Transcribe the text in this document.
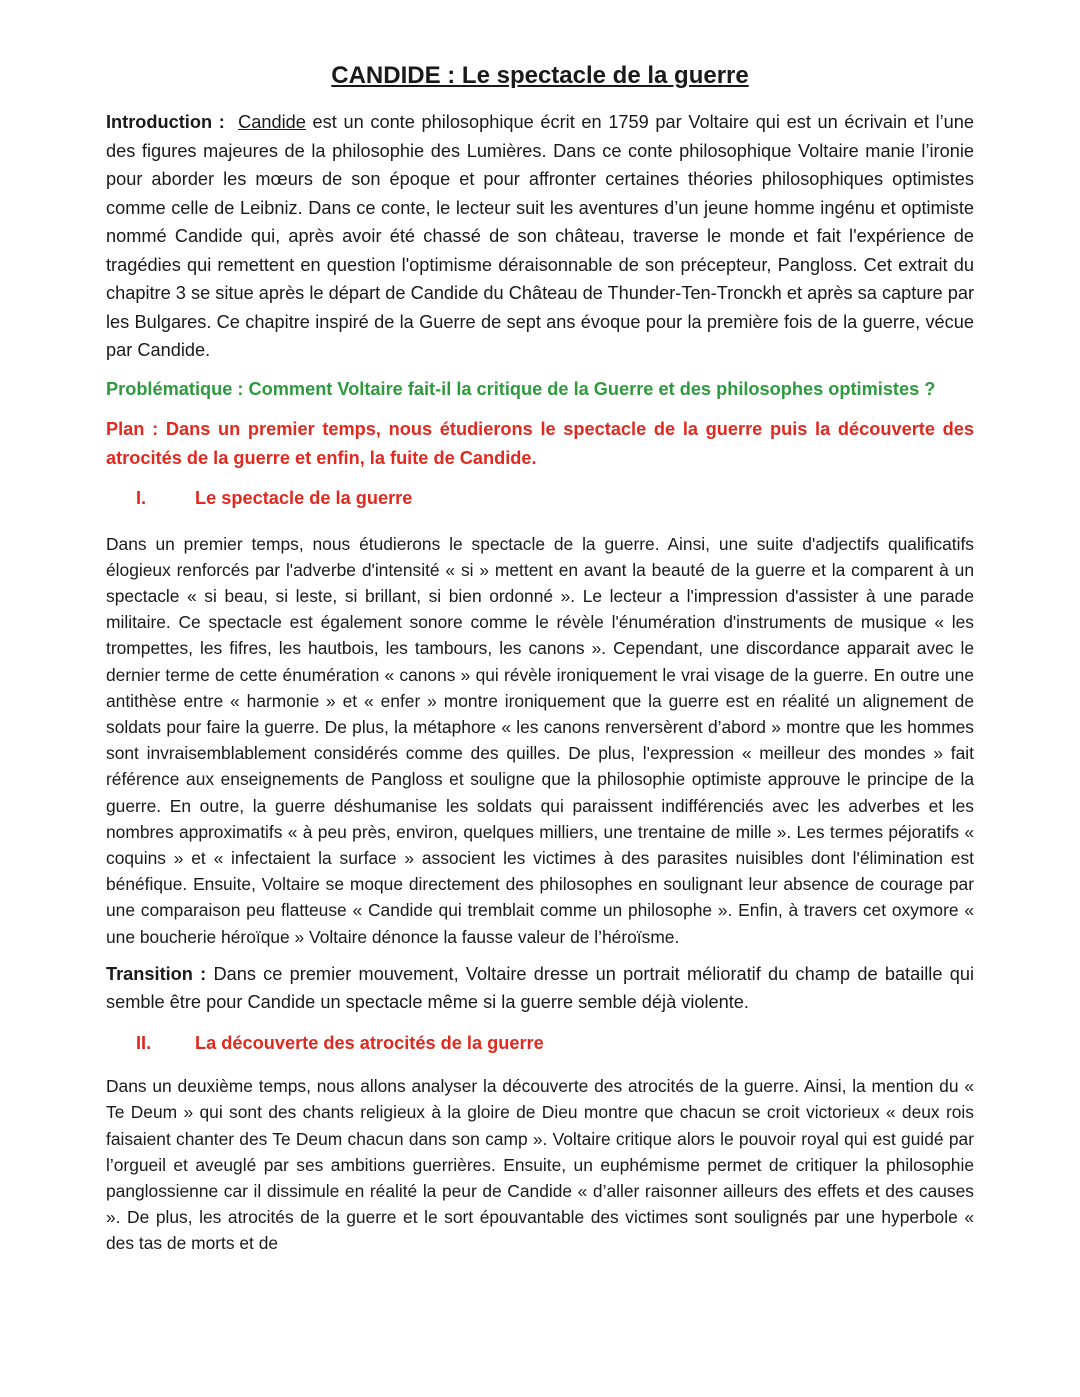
CANDIDE : Le spectacle de la guerre

Introduction : Candide est un conte philosophique écrit en 1759 par Voltaire qui est un écrivain et l’une des figures majeures de la philosophie des Lumières. Dans ce conte philosophique Voltaire manie l’ironie pour aborder les mœurs de son époque et pour affronter certaines théories philosophiques optimistes comme celle de Leibniz. Dans ce conte, le lecteur suit les aventures d’un jeune homme ingénu et optimiste nommé Candide qui, après avoir été chassé de son château, traverse le monde et fait l'expérience de tragédies qui remettent en question l'optimisme déraisonnable de son précepteur, Pangloss. Cet extrait du chapitre 3 se situe après le départ de Candide du Château de Thunder-Ten-Tronckh et après sa capture par les Bulgares. Ce chapitre inspiré de la Guerre de sept ans évoque pour la première fois de la guerre, vécue par Candide.

Problématique : Comment Voltaire fait-il la critique de la Guerre et des philosophes optimistes ?

Plan : Dans un premier temps, nous étudierons le spectacle de la guerre puis la découverte des atrocités de la guerre et enfin, la fuite de Candide.

I.	Le spectacle de la guerre

Dans un premier temps, nous étudierons le spectacle de la guerre. Ainsi, une suite d'adjectifs qualificatifs élogieux renforcés par l'adverbe d'intensité « si » mettent en avant la beauté de la guerre et la comparent à un spectacle « si beau, si leste, si brillant, si bien ordonné ». Le lecteur a l'impression d'assister à une parade militaire. Ce spectacle est également sonore comme le révèle l'énumération d'instruments de musique « les trompettes, les fifres, les hautbois, les tambours, les canons ». Cependant, une discordance apparait avec le dernier terme de cette énumération « canons » qui révèle ironiquement le vrai visage de la guerre. En outre une antithèse entre « harmonie » et « enfer » montre ironiquement que la guerre est en réalité un alignement de soldats pour faire la guerre. De plus, la métaphore « les canons renversèrent d’abord » montre que les hommes sont invraisemblablement considérés comme des quilles. De plus, l'expression « meilleur des mondes » fait référence aux enseignements de Pangloss et souligne que la philosophie optimiste approuve le principe de la guerre. En outre, la guerre déshumanise les soldats qui paraissent indifférenciés avec les adverbes et les nombres approximatifs « à peu près, environ, quelques milliers, une trentaine de mille ». Les termes péjoratifs « coquins » et « infectaient la surface » associent les victimes à des parasites nuisibles dont l'élimination est bénéfique. Ensuite, Voltaire se moque directement des philosophes en soulignant leur absence de courage par une comparaison peu flatteuse « Candide qui tremblait comme un philosophe ». Enfin, à travers cet oxymore « une boucherie héroïque » Voltaire dénonce la fausse valeur de l’héroïsme.

Transition : Dans ce premier mouvement, Voltaire dresse un portrait mélioratif du champ de bataille qui semble être pour Candide un spectacle même si la guerre semble déjà violente.

II. La découverte des atrocités de la guerre

Dans un deuxième temps, nous allons analyser la découverte des atrocités de la guerre. Ainsi, la mention du « Te Deum » qui sont des chants religieux à la gloire de Dieu montre que chacun se croit victorieux « deux rois faisaient chanter des Te Deum chacun dans son camp ». Voltaire critique alors le pouvoir royal qui est guidé par l’orgueil et aveuglé par ses ambitions guerrières. Ensuite, un euphémisme permet de critiquer la philosophie panglossienne car il dissimule en réalité la peur de Candide « d’aller raisonner ailleurs des effets et des causes ». De plus, les atrocités de la guerre et le sort épouvantable des victimes sont soulignés par une hyperbole « des tas de morts et de
